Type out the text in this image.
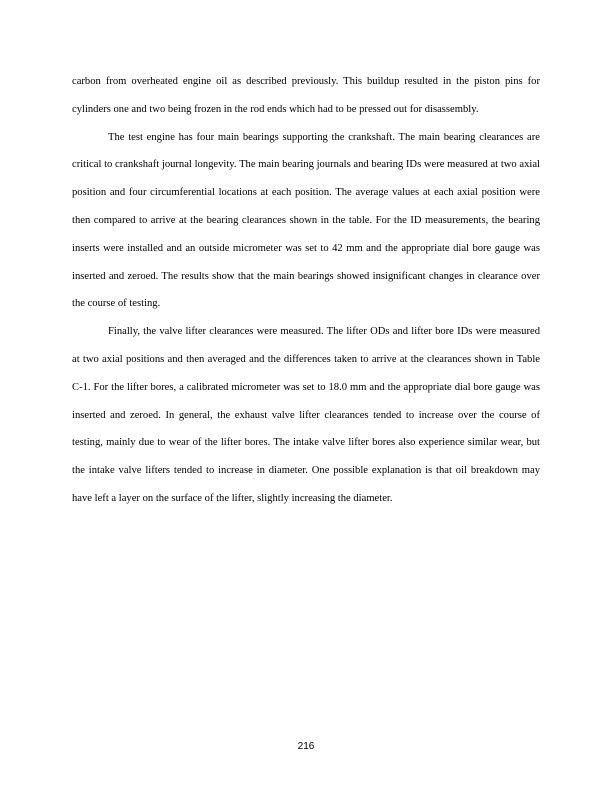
carbon from overheated engine oil as described previously. This buildup resulted in the piston pins for cylinders one and two being frozen in the rod ends which had to be pressed out for disassembly.

The test engine has four main bearings supporting the crankshaft. The main bearing clearances are critical to crankshaft journal longevity. The main bearing journals and bearing IDs were measured at two axial position and four circumferential locations at each position. The average values at each axial position were then compared to arrive at the bearing clearances shown in the table. For the ID measurements, the bearing inserts were installed and an outside micrometer was set to 42 mm and the appropriate dial bore gauge was inserted and zeroed. The results show that the main bearings showed insignificant changes in clearance over the course of testing.

Finally, the valve lifter clearances were measured. The lifter ODs and lifter bore IDs were measured at two axial positions and then averaged and the differences taken to arrive at the clearances shown in Table C-1. For the lifter bores, a calibrated micrometer was set to 18.0 mm and the appropriate dial bore gauge was inserted and zeroed. In general, the exhaust valve lifter clearances tended to increase over the course of testing, mainly due to wear of the lifter bores. The intake valve lifter bores also experience similar wear, but the intake valve lifters tended to increase in diameter. One possible explanation is that oil breakdown may have left a layer on the surface of the lifter, slightly increasing the diameter.

216
